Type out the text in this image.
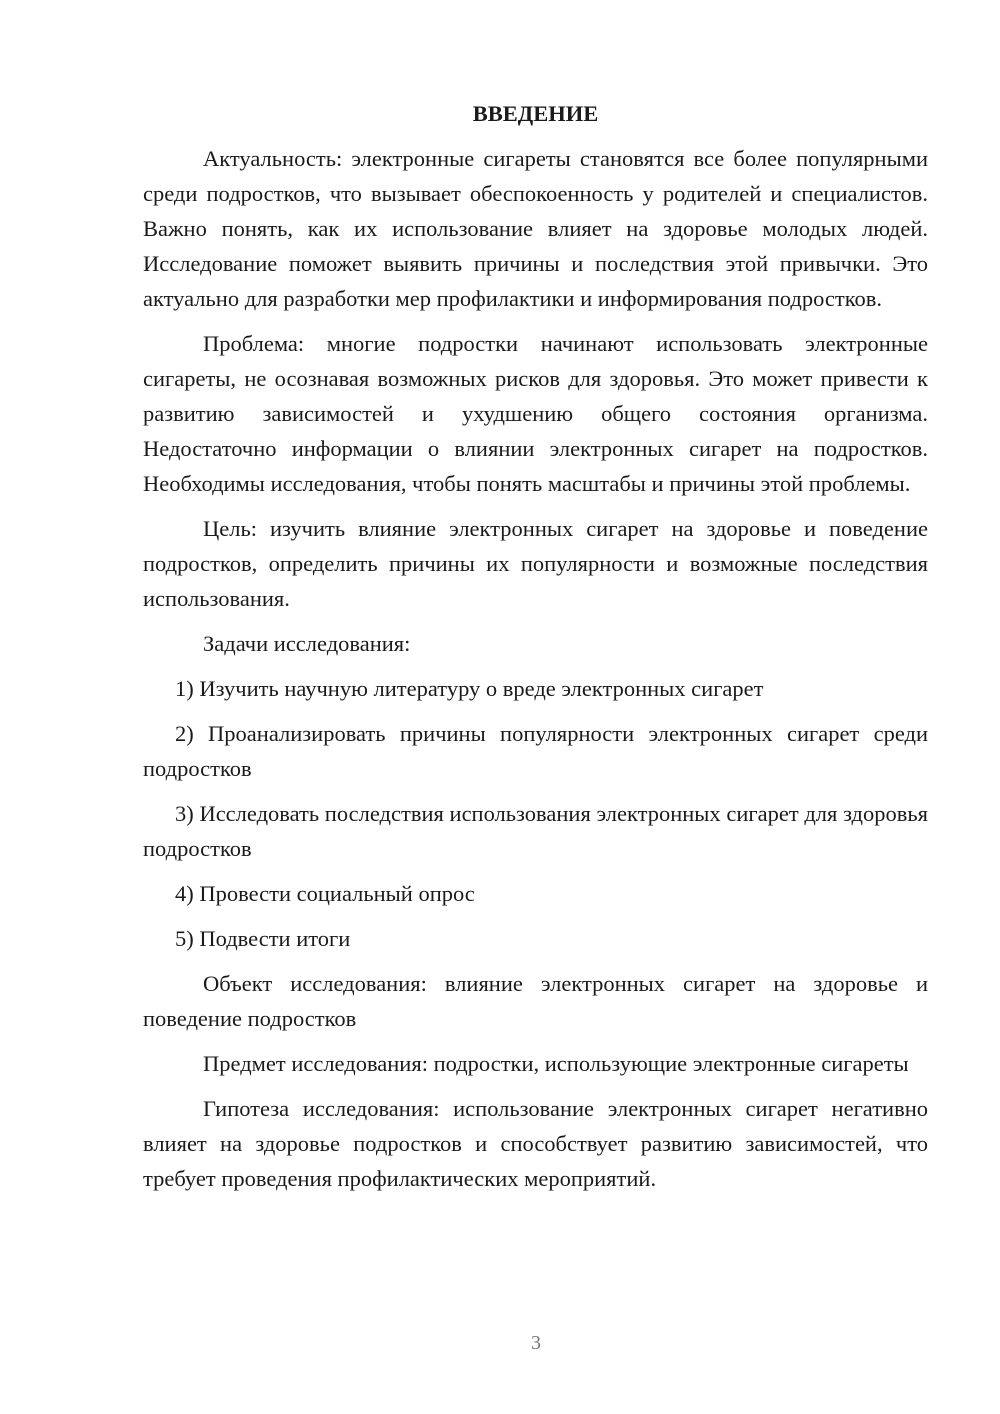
ВВЕДЕНИЕ

Актуальность: электронные сигареты становятся все более популярными среди подростков, что вызывает обеспокоенность у родителей и специалистов. Важно понять, как их использование влияет на здоровье молодых людей. Исследование поможет выявить причины и последствия этой привычки. Это актуально для разработки мер профилактики и информирования подростков.

Проблема: многие подростки начинают использовать электронные сигареты, не осознавая возможных рисков для здоровья. Это может привести к развитию зависимостей и ухудшению общего состояния организма. Недостаточно информации о влиянии электронных сигарет на подростков. Необходимы исследования, чтобы понять масштабы и причины этой проблемы.

Цель: изучить влияние электронных сигарет на здоровье и поведение подростков, определить причины их популярности и возможные последствия использования.

Задачи исследования:

1) Изучить научную литературу о вреде электронных сигарет

2) Проанализировать причины популярности электронных сигарет среди подростков

3) Исследовать последствия использования электронных сигарет для здоровья подростков

4) Провести социальный опрос

5) Подвести итоги

Объект исследования: влияние электронных сигарет на здоровье и поведение подростков

Предмет исследования: подростки, использующие электронные сигареты

Гипотеза исследования: использование электронных сигарет негативно влияет на здоровье подростков и способствует развитию зависимостей, что требует проведения профилактических мероприятий.

3
